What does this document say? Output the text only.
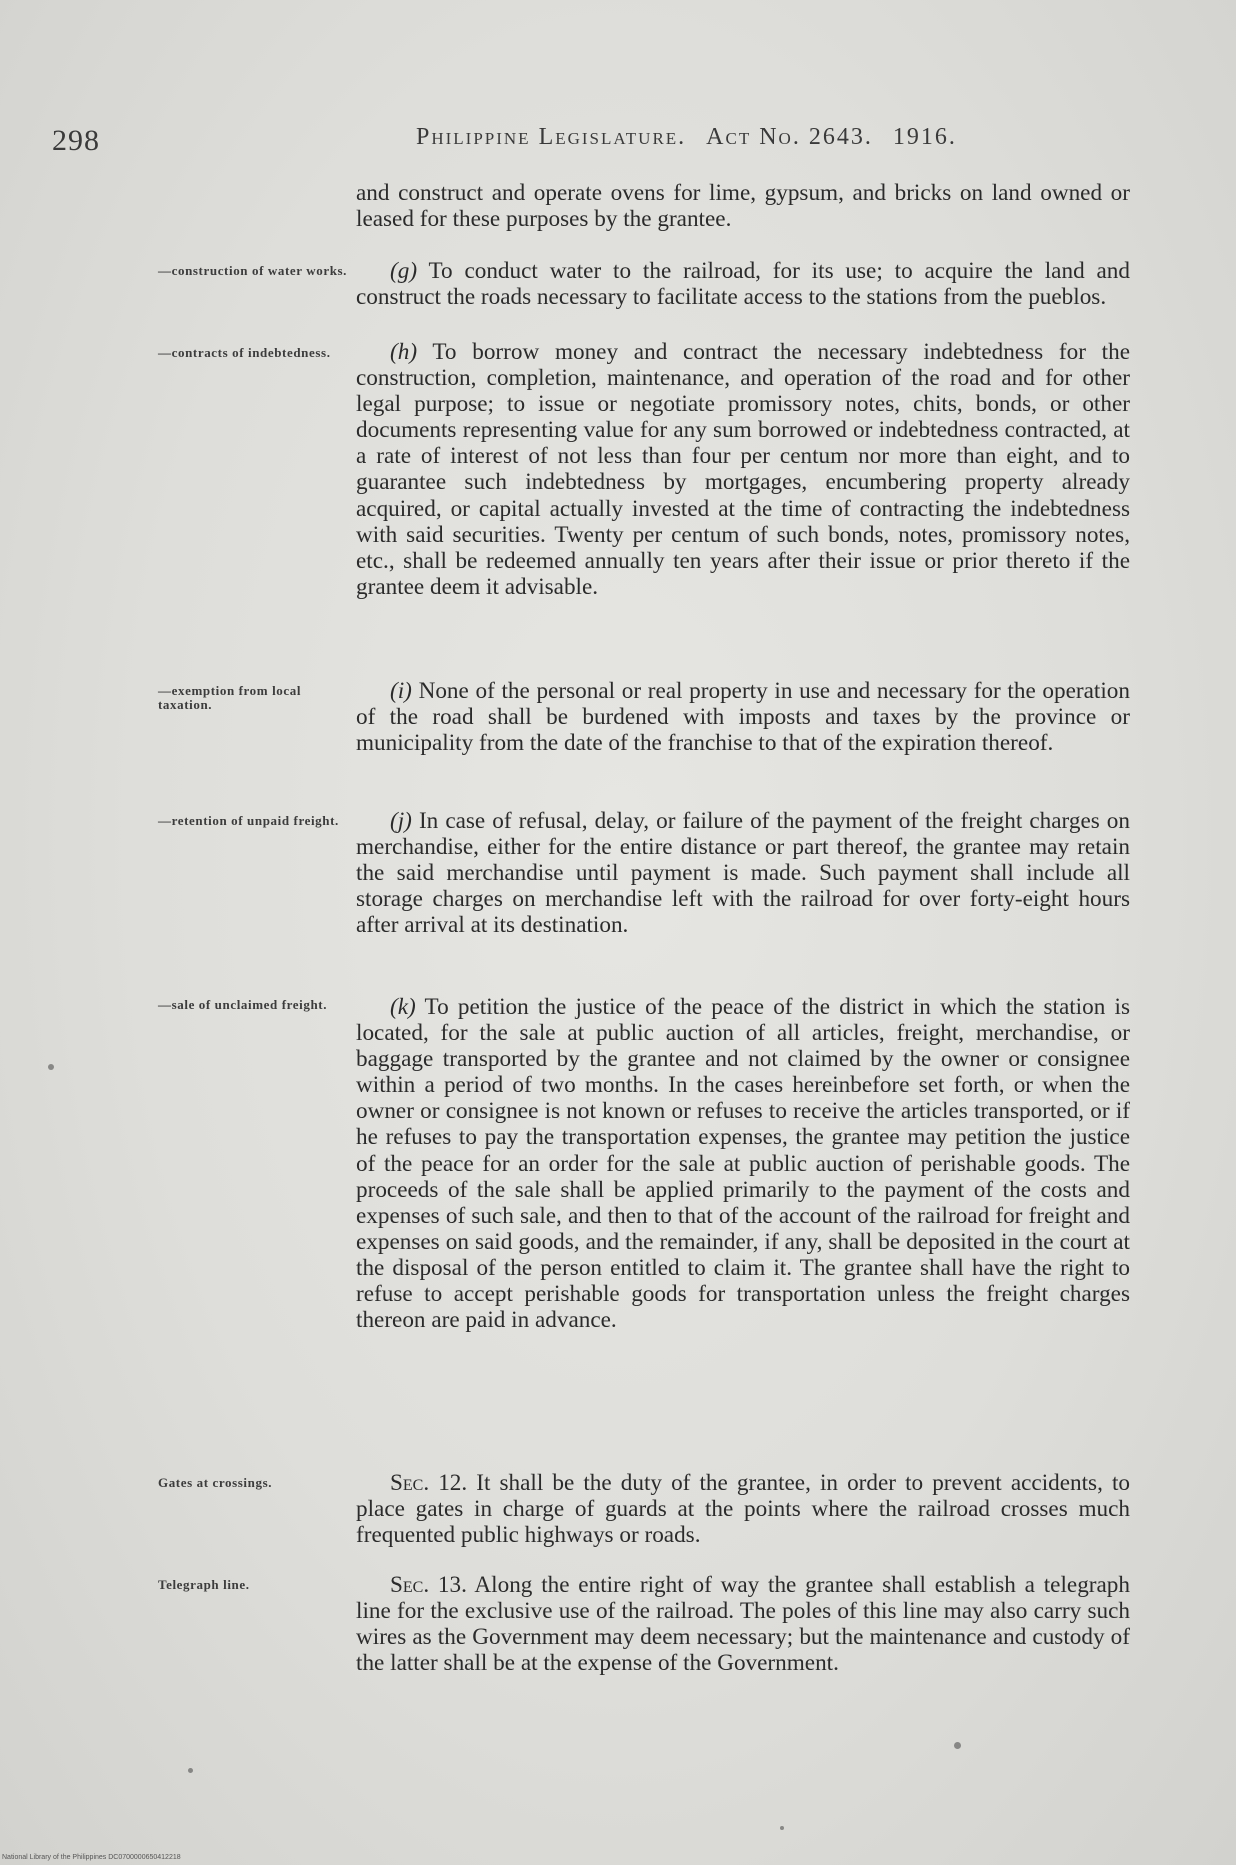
298	Philippine Legislature. Act No. 2643. 1916.
—construction of water works.
—contracts of indebtedness.
—exemption from local taxation.
—retention of unpaid freight.
—sale of unclaimed freight.
Gates at crossings.
Telegraph line.

and construct and operate ovens for lime, gypsum, and bricks on land owned or leased for these purposes by the grantee.

(g) To conduct water to the railroad, for its use; to acquire the land and construct the roads necessary to facilitate access to the stations from the pueblos.

(h) To borrow money and contract the necessary indebtedness for the construction, completion, maintenance, and operation of the road and for other legal purpose; to issue or negotiate promissory notes, chits, bonds, or other documents representing value for any sum borrowed or indebtedness contracted, at a rate of interest of not less than four per centum nor more than eight, and to guarantee such indebtedness by mortgages, encumbering property already acquired, or capital actually invested at the time of contracting the indebtedness with said securities. Twenty per centum of such bonds, notes, promissory notes, etc., shall be redeemed annually ten years after their issue or prior thereto if the grantee deem it advisable.

(i) None of the personal or real property in use and necessary for the operation of the road shall be burdened with imposts and taxes by the province or municipality from the date of the franchise to that of the expiration thereof.

(j) In case of refusal, delay, or failure of the payment of the freight charges on merchandise, either for the entire distance or part thereof, the grantee may retain the said merchandise until payment is made. Such payment shall include all storage charges on merchandise left with the railroad for over forty-eight hours after arrival at its destination.

(k) To petition the justice of the peace of the district in which the station is located, for the sale at public auction of all articles, freight, merchandise, or baggage transported by the grantee and not claimed by the owner or consignee within a period of two months. In the cases hereinbefore set forth, or when the owner or consignee is not known or refuses to receive the articles transported, or if he refuses to pay the transportation expenses, the grantee may petition the justice of the peace for an order for the sale at public auction of perishable goods. The proceeds of the sale shall be applied primarily to the payment of the costs and expenses of such sale, and then to that of the account of the railroad for freight and expenses on said goods, and the remainder, if any, shall be deposited in the court at the disposal of the person entitled to claim it. The grantee shall have the right to refuse to accept perishable goods for transportation unless the freight charges thereon are paid in advance.

Sec. 12. It shall be the duty of the grantee, in order to prevent accidents, to place gates in charge of guards at the points where the railroad crosses much frequented public highways or roads.

Sec. 13. Along the entire right of way the grantee shall establish a telegraph line for the exclusive use of the railroad. The poles of this line may also carry such wires as the Government may deem necessary; but the maintenance and custody of the latter shall be at the expense of the Government.

National Library of the Philippines DC0700000650412218
